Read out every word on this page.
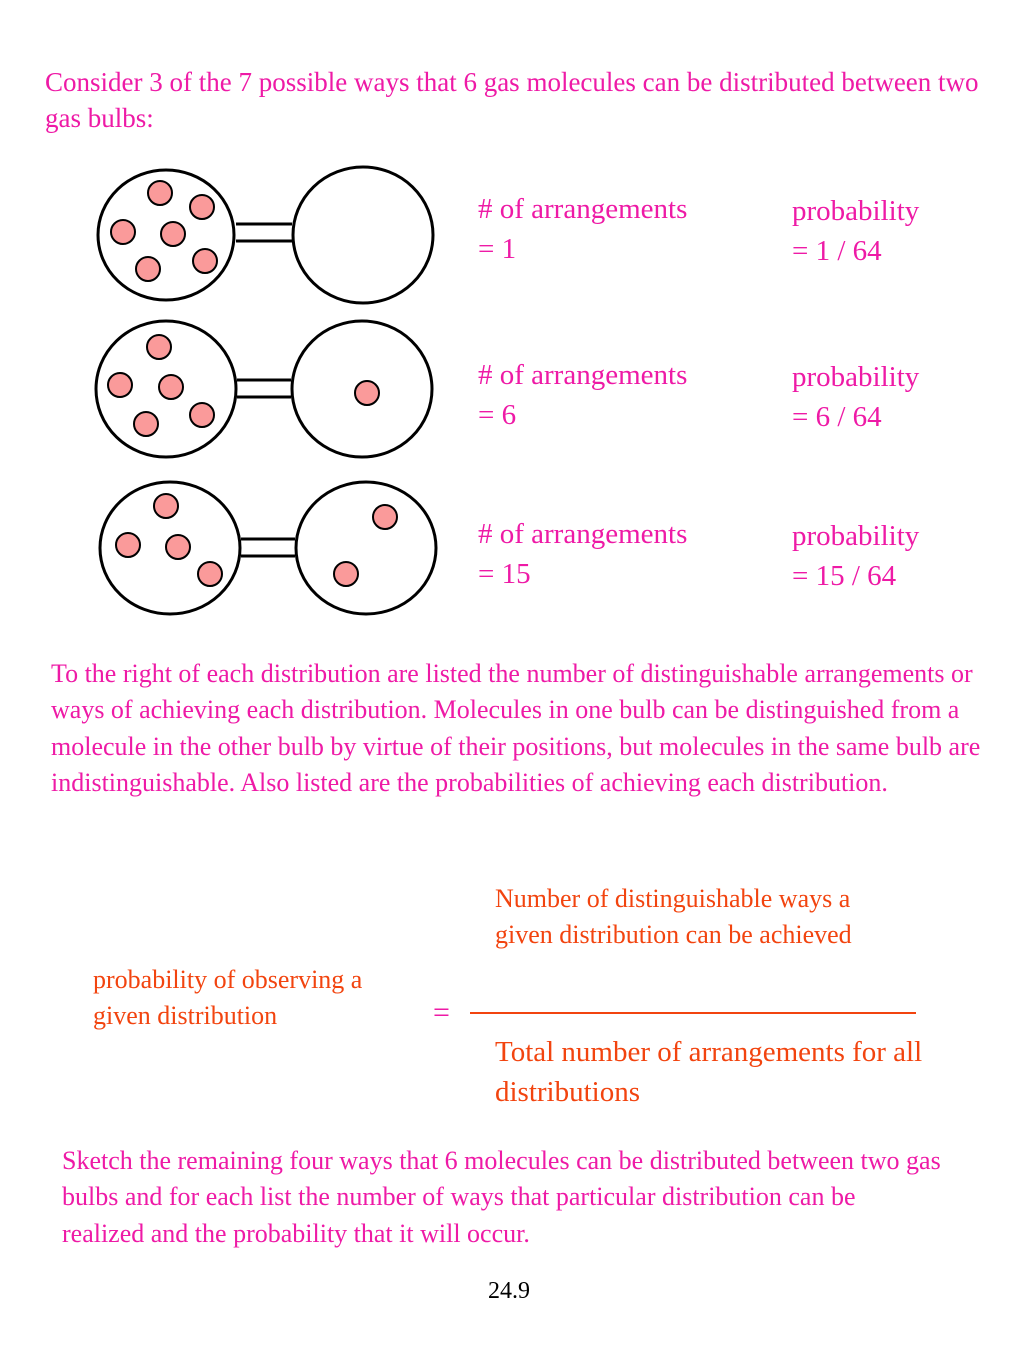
Consider 3 of the 7 possible ways that 6 gas molecules can be distributed between two gas bulbs:

# of arrangements
= 1

probability
= 1 / 64

# of arrangements
= 6

probability
= 6 / 64

# of arrangements
= 15

probability
= 15 / 64

To the right of each distribution are listed the number of distinguishable arrangements or ways of achieving each distribution. Molecules in one bulb can be distinguished from a molecule in the other bulb by virtue of their positions, but molecules in the same bulb are indistinguishable. Also listed are the probabilities of achieving each distribution.

probability of observing a given distribution	=

Number of distinguishable ways a given distribution can be achieved

Total number of arrangements for all distributions

Sketch the remaining four ways that 6 molecules can be distributed between two gas bulbs and for each list the number of ways that particular distribution can be realized and the probability that it will occur.

24.9
